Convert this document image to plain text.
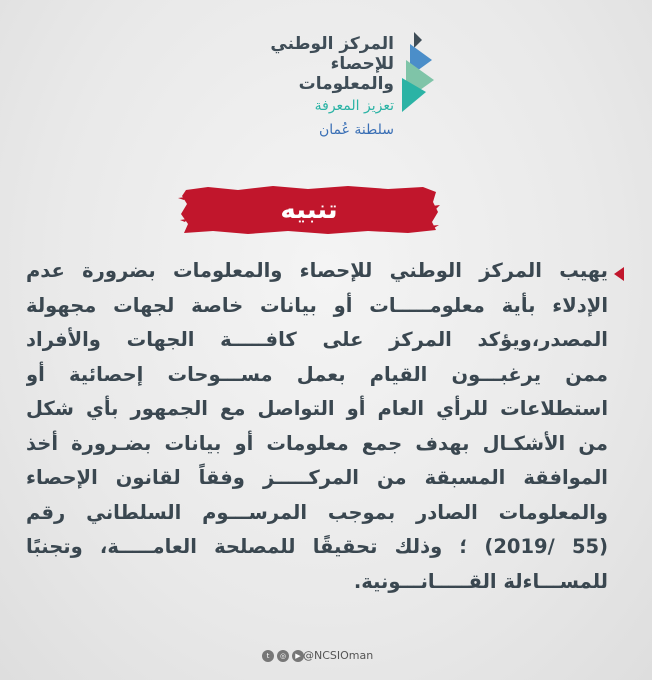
المركز الوطني
للإحصاء
والمعلومات
تعزيز المعرفة
سلطنة عُمان
تنبيه
يهيب المركز الوطني للإحصاء والمعلومات بضرورة عدم
الإدلاء بأية معلومـــــات أو بيانات خاصة لجهات مجهولة
المصدر،ويؤكد المركز على كافـــــة الجهات والأفراد
ممن يرغبـــون القيام بعمل مســـوحات إحصائية أو
استطلاعات للرأي العام أو التواصل مع الجمهور بأي شكل
من الأشكـال بهدف جمع معلومات أو بيانات بضـرورة أخذ
الموافقة المسبقة من المركـــــز وفقاً لقانون الإحصاء
والمعلومات الصادر بموجب المرســـوم السلطاني رقم
(55 /2019) ؛ وذلك تحقيقًا للمصلحة العامـــــة، وتجنبًا
للمســـاءلة القـــــانـــونية.
t	◎	▶ @NCSIOman
